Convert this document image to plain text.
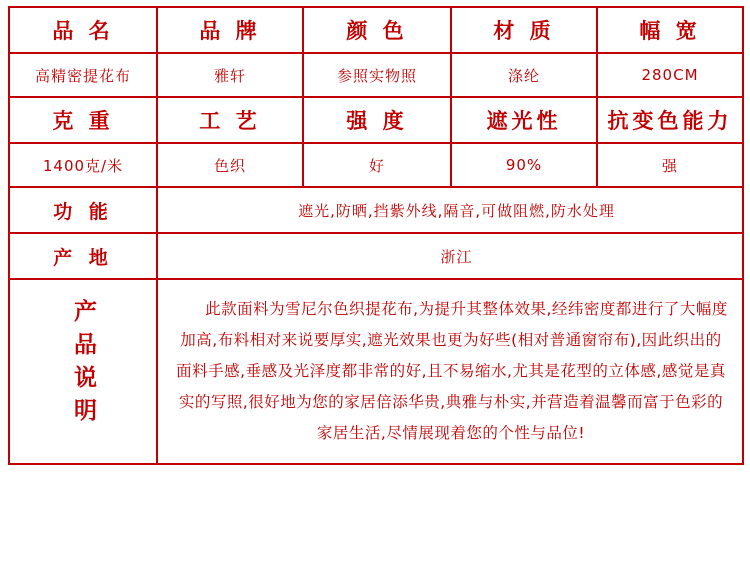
品 名	品 牌	颜 色	材 质	幅 宽
高精密提花布	雅轩	参照实物照	涤纶	280CM
克 重	工 艺	强 度	遮光性	抗变色能力
1400克/米	色织	好	90%	强
功 能	遮光,防晒,挡紫外线,隔音,可做阻燃,防水处理			
产 地	浙江			
产品说明	此款面料为雪尼尔色织提花布,为提升其整体效果,经纬密度都进行了大幅度加高,布料相对来说要厚实,遮光效果也更为好些(相对普通窗帘布),因此织出的面料手感,垂感及光泽度都非常的好,且不易缩水,尤其是花型的立体感,感觉是真实的写照,很好地为您的家居倍添华贵,典雅与朴实,并营造着温馨而富于色彩的家居生活,尽情展现着您的个性与品位!			
